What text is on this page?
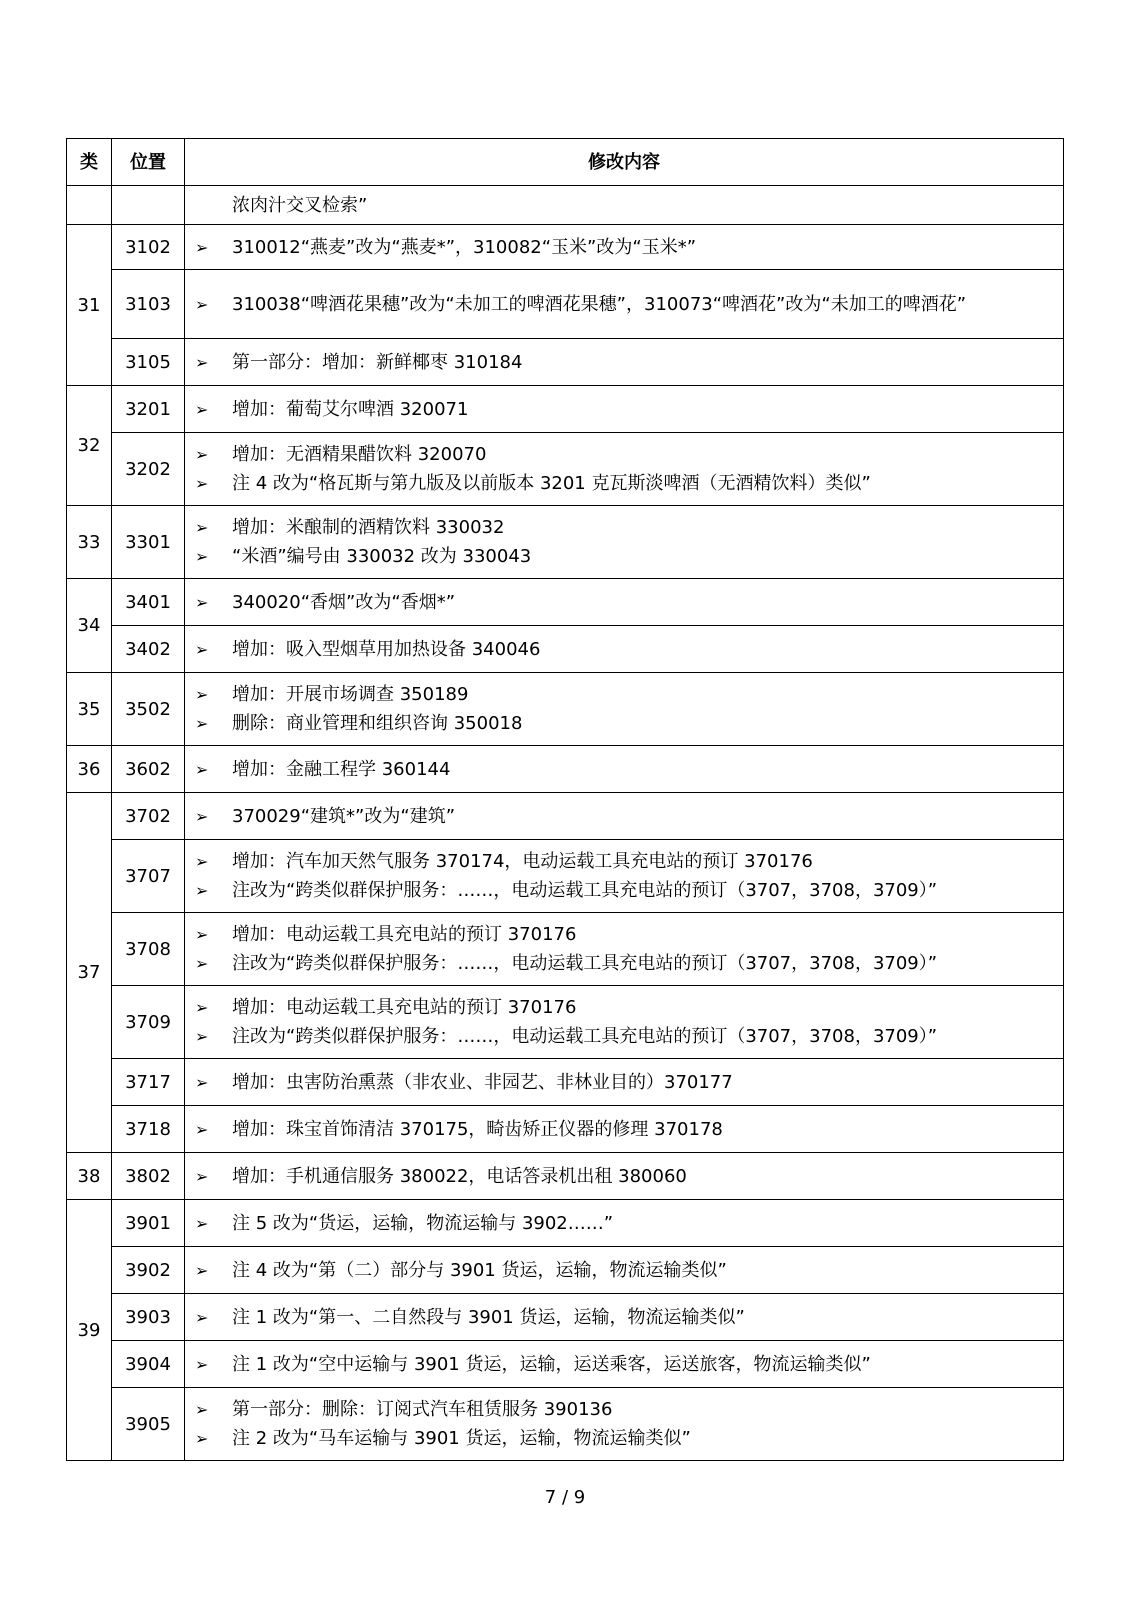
类	位置	修改内容

		浓肉汁交叉检索”

31	3102	➢ 310012“燕麦”改为“燕麦*”，310082“玉米”改为“玉米*”

	3103	➢ 310038“啤酒花果穗”改为“未加工的啤酒花果穗”，310073“啤酒花”改为“未加工的啤酒花”

	3105	➢ 第一部分：增加：新鲜椰枣 310184

32	3201	➢ 增加：葡萄艾尔啤酒 320071

	3202	➢ 增加：无酒精果醋饮料 320070
➢ 注 4 改为“格瓦斯与第九版及以前版本 3201 克瓦斯淡啤酒（无酒精饮料）类似”

33	3301	➢ 增加：米酿制的酒精饮料 330032
➢ “米酒”编号由 330032 改为 330043

34	3401	➢ 340020“香烟”改为“香烟*”

	3402	➢ 增加：吸入型烟草用加热设备 340046

35	3502	➢ 增加：开展市场调查 350189
➢ 删除：商业管理和组织咨询 350018

36	3602	➢ 增加：金融工程学 360144

37	3702	➢ 370029“建筑*”改为“建筑”

	3707	➢ 增加：汽车加天然气服务 370174，电动运载工具充电站的预订 370176
➢ 注改为“跨类似群保护服务：……，电动运载工具充电站的预订（3707，3708，3709）”

	3708	➢ 增加：电动运载工具充电站的预订 370176
➢ 注改为“跨类似群保护服务：……，电动运载工具充电站的预订（3707，3708，3709）”

	3709	➢ 增加：电动运载工具充电站的预订 370176
➢ 注改为“跨类似群保护服务：……，电动运载工具充电站的预订（3707，3708，3709）”

	3717	➢ 增加：虫害防治熏蒸（非农业、非园艺、非林业目的）370177

	3718	➢ 增加：珠宝首饰清洁 370175，畸齿矫正仪器的修理 370178

38	3802	➢ 增加：手机通信服务 380022，电话答录机出租 380060

39	3901	➢ 注 5 改为“货运，运输，物流运输与 3902……”

	3902	➢ 注 4 改为“第（二）部分与 3901 货运，运输，物流运输类似”

	3903	➢ 注 1 改为“第一、二自然段与 3901 货运，运输，物流运输类似”

	3904	➢ 注 1 改为“空中运输与 3901 货运，运输，运送乘客，运送旅客，物流运输类似”

	3905	➢ 第一部分：删除：订阅式汽车租赁服务 390136
➢ 注 2 改为“马车运输与 3901 货运，运输，物流运输类似”
7 / 9
